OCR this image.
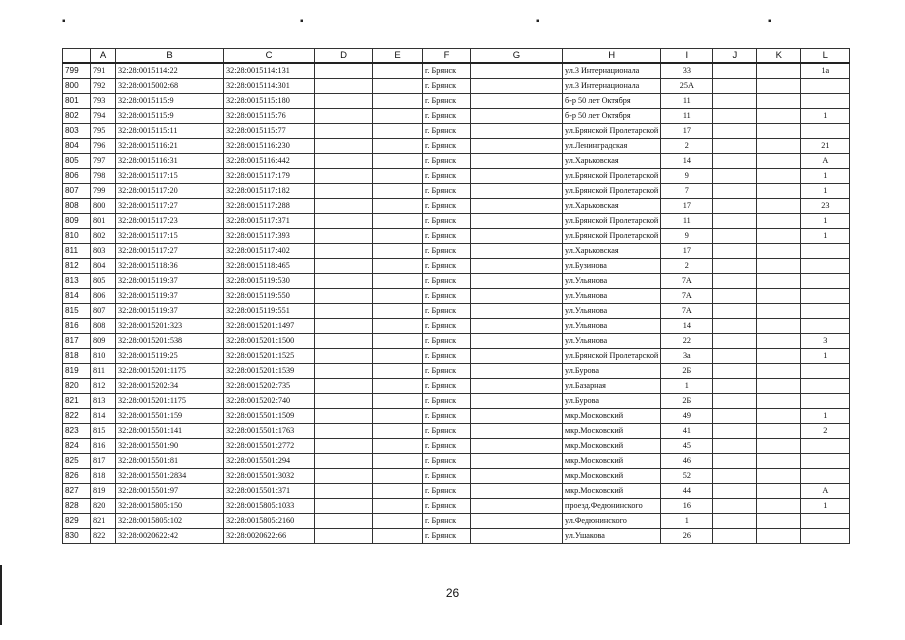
▪	▪	▪	▪
	A	B	C	D	E	F	G	H	I	J	K	L
799	791	32:28:0015114:22	32:28:0015114:131			г. Брянск		ул.3 Интернационала	33			1а
800	792	32:28:0015002:68	32:28:0015114:301			г. Брянск		ул.3 Интернационала	25А			
801	793	32:28:0015115:9	32:28:0015115:180			г. Брянск		б-р 50 лет Октября	11			
802	794	32:28:0015115:9	32:28:0015115:76			г. Брянск		б-р 50 лет Октября	11			1
803	795	32:28:0015115:11	32:28:0015115:77			г. Брянск		ул.Брянской Пролетарской	17			
804	796	32:28:0015116:21	32:28:0015116:230			г. Брянск		ул.Ленинградская	2			21
805	797	32:28:0015116:31	32:28:0015116:442			г. Брянск		ул.Харьковская	14			А
806	798	32:28:0015117:15	32:28:0015117:179			г. Брянск		ул.Брянской Пролетарской	9			1
807	799	32:28:0015117:20	32:28:0015117:182			г. Брянск		ул.Брянской Пролетарской	7			1
808	800	32:28:0015117:27	32:28:0015117:288			г. Брянск		ул.Харьковская	17			23
809	801	32:28:0015117:23	32:28:0015117:371			г. Брянск		ул.Брянской Пролетарской	11			1
810	802	32:28:0015117:15	32:28:0015117:393			г. Брянск		ул.Брянской Пролетарской	9			1
811	803	32:28:0015117:27	32:28:0015117:402			г. Брянск		ул.Харьковская	17			
812	804	32:28:0015118:36	32:28:0015118:465			г. Брянск		ул.Бузинова	2			
813	805	32:28:0015119:37	32:28:0015119:530			г. Брянск		ул.Ульянова	7А			
814	806	32:28:0015119:37	32:28:0015119:550			г. Брянск		ул.Ульянова	7А			
815	807	32:28:0015119:37	32:28:0015119:551			г. Брянск		ул.Ульянова	7А			
816	808	32:28:0015201:323	32:28:0015201:1497			г. Брянск		ул.Ульянова	14			
817	809	32:28:0015201:538	32:28:0015201:1500			г. Брянск		ул.Ульянова	22			3
818	810	32:28:0015119:25	32:28:0015201:1525			г. Брянск		ул.Брянской Пролетарской	3а			1
819	811	32:28:0015201:1175	32:28:0015201:1539			г. Брянск		ул.Бурова	2Б			
820	812	32:28:0015202:34	32:28:0015202:735			г. Брянск		ул.Базарная	1			
821	813	32:28:0015201:1175	32:28:0015202:740			г. Брянск		ул.Бурова	2Б			
822	814	32:28:0015501:159	32:28:0015501:1509			г. Брянск		мкр.Московский	49			1
823	815	32:28:0015501:141	32:28:0015501:1763			г. Брянск		мкр.Московский	41			2
824	816	32:28:0015501:90	32:28:0015501:2772			г. Брянск		мкр.Московский	45			
825	817	32:28:0015501:81	32:28:0015501:294			г. Брянск		мкр.Московский	46			
826	818	32:28:0015501:2834	32:28:0015501:3032			г. Брянск		мкр.Московский	52			
827	819	32:28:0015501:97	32:28:0015501:371			г. Брянск		мкр.Московский	44			А
828	820	32:28:0015805:150	32:28:0015805:1033			г. Брянск		проезд.Федюнинского	16			1
829	821	32:28:0015805:102	32:28:0015805:2160			г. Брянск		ул.Федюнинского	1			
830	822	32:28:0020622:42	32:28:0020622:66			г. Брянск		ул.Ушакова	26			
26
